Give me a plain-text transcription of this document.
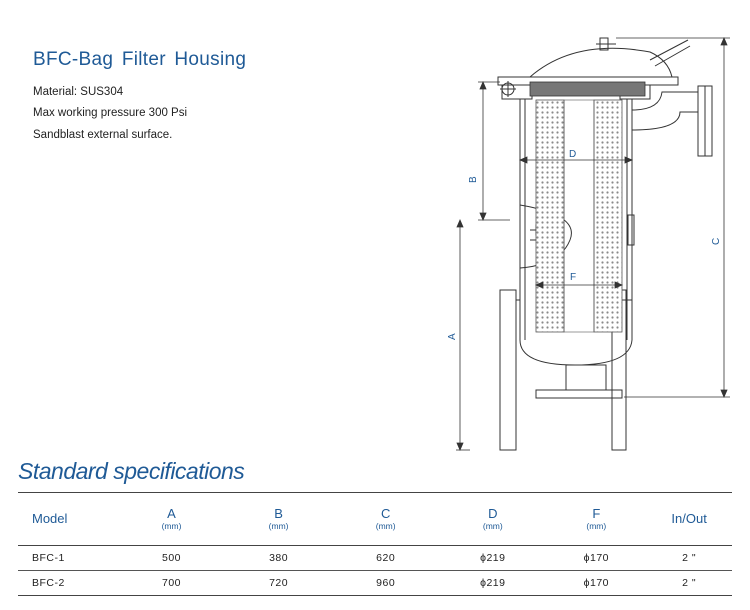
BFC-Bag Filter Housing
Material: SUS304
Max working pressure 300 Psi
Sandblast external surface.
B
A
C
D
F
Standard specifications
Model	A
(mm)	B
(mm)	C
(mm)	D
(mm)	F
(mm)	In/Out

BFC-1	500	380	620	ϕ219	ϕ170	2 "
BFC-2	700	720	960	ϕ219	ϕ170	2 "
